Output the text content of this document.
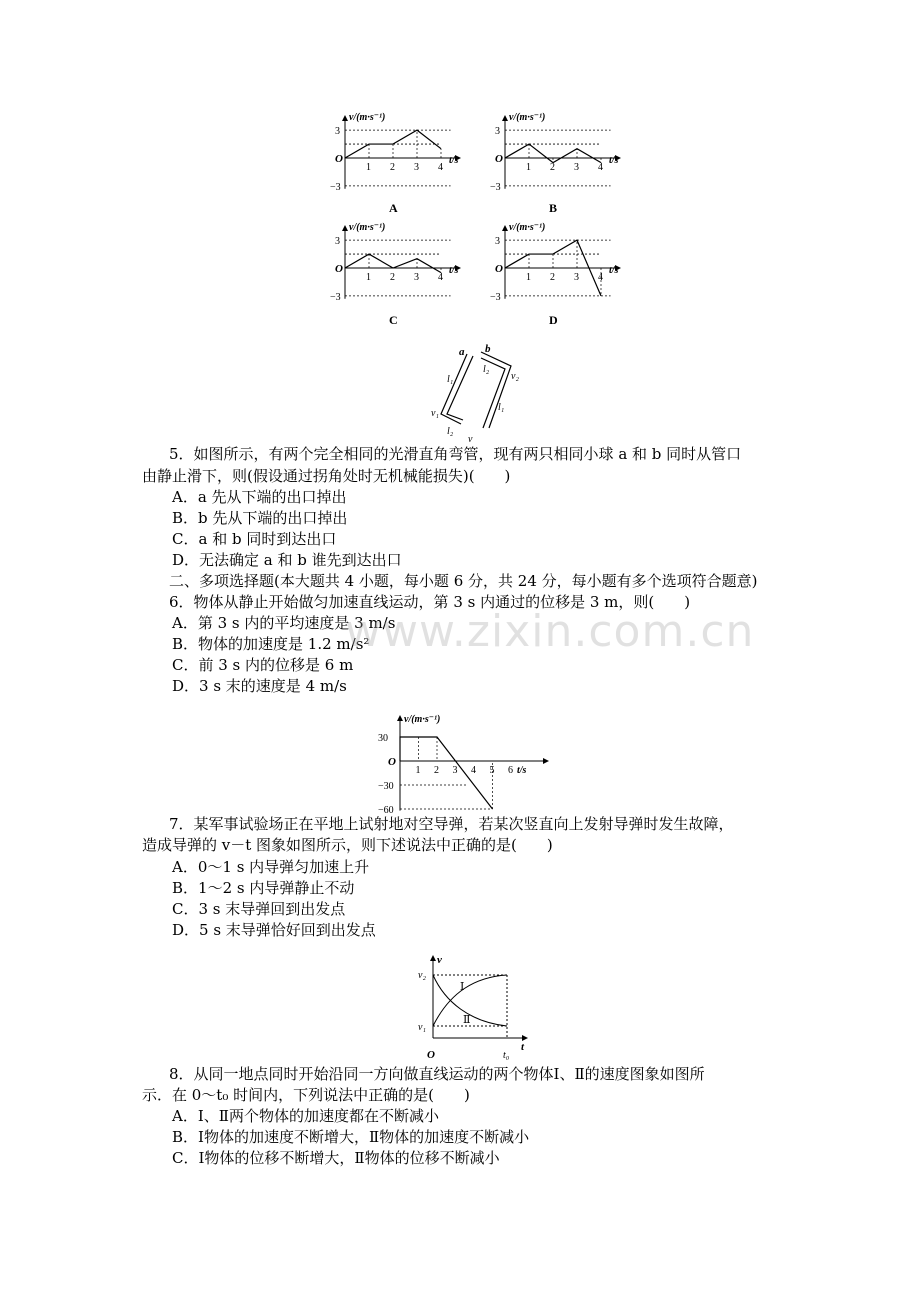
3
−3
O
1 2 3 4
v/(m·s⁻¹)
t/s
3
−3
O
1 2 3 4
v/(m·s⁻¹)
t/s
3
−3
O
1 2 3 4
v/(m·s⁻¹)
t/s
3
−3
O
1 2 3 4
v/(m·s⁻¹)
t/s
A	B
C	D
a b
l₁
l₂
v₂
l₁
v₁
l₂
v
5．如图所示，有两个完全相同的光滑直角弯管，现有两只相同小球 a 和 b 同时从管口
由静止滑下，则(假设通过拐角处时无机械能损失)(　　)
A．a 先从下端的出口掉出
B．b 先从下端的出口掉出
C．a 和 b 同时到达出口
D．无法确定 a 和 b 谁先到达出口
二、多项选择题(本大题共 4 小题，每小题 6 分，共 24 分，每小题有多个选项符合题意)
6．物体从静止开始做匀加速直线运动，第 3 s 内通过的位移是 3 m，则(　　)
A．第 3 s 内的平均速度是 3 m/s
B．物体的加速度是 1.2 m/s²
C．前 3 s 内的位移是 6 m
D．3 s 末的速度是 4 m/s
www.zixin.com.cn
v/(m·s⁻¹)
30
−30
−60
O
1 2 3 4 5 6 t/s
7．某军事试验场正在平地上试射地对空导弹，若某次竖直向上发射导弹时发生故障，
造成导弹的 v－t 图象如图所示，则下述说法中正确的是(　　)
A．0～1 s 内导弹匀加速上升
B．1～2 s 内导弹静止不动
C．3 s 末导弹回到出发点
D．5 s 末导弹恰好回到出发点
v
v₂
v₁
Ⅰ
Ⅱ
O	t₀
t
8．从同一地点同时开始沿同一方向做直线运动的两个物体Ⅰ、Ⅱ的速度图象如图所
示．在 0～t₀ 时间内，下列说法中正确的是(　　)
A．Ⅰ、Ⅱ两个物体的加速度都在不断减小
B．Ⅰ物体的加速度不断增大，Ⅱ物体的加速度不断减小
C．Ⅰ物体的位移不断增大，Ⅱ物体的位移不断减小
